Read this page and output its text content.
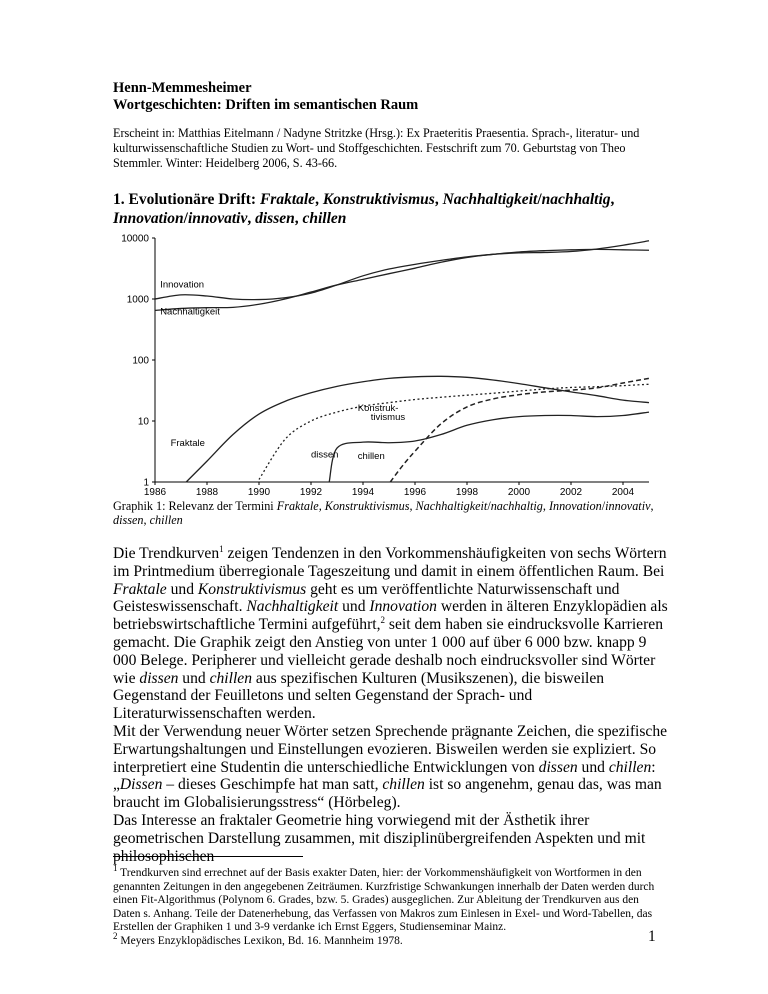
Henn-Memmesheimer
Wortgeschichten: Driften im semantischen Raum
Erscheint in: Matthias Eitelmann / Nadyne Stritzke (Hrsg.): Ex Praeteritis Praesentia. Sprach-, literatur- und kulturwissenschaftliche Studien zu Wort- und Stoffgeschichten. Festschrift zum 70. Geburtstag von Theo Stemmler. Winter: Heidelberg 2006, S. 43-66.
1. Evolutionäre Drift: Fraktale, Konstruktivismus, Nachhaltigkeit/nachhaltig, Innovation/innovativ, dissen, chillen
10000
1000
100
10
1
1986	1988	1990	1992	1994	1996	1998	2000	2002	2004
Innovation
Nachhaltigkeit
Konstruk-
tivismus
Fraktale
dissen chillen
Graphik 1: Relevanz der Termini Fraktale, Konstruktivismus, Nachhaltigkeit/nachhaltig, Innovation/innovativ, dissen, chillen

Die Trendkurven$^1$ zeigen Tendenzen in den Vorkommenshäufigkeiten von sechs Wörtern im Printmedium überregionale Tageszeitung und damit in einem öffentlichen Raum. Bei Fraktale und Konstruktivismus geht es um veröffentlichte Naturwissenschaft und Geisteswissenschaft. Nachhaltigkeit und Innovation werden in älteren Enzyklopädien als betriebswirtschaftliche Termini aufgeführt,$^2$ seit dem haben sie eindrucksvolle Karrieren gemacht. Die Graphik zeigt den Anstieg von unter 1 000 auf über 6 000 bzw. knapp 9 000 Belege. Peripherer und vielleicht gerade deshalb noch eindrucksvoller sind Wörter wie dissen und chillen aus spezifischen Kulturen (Musikszenen), die bisweilen Gegenstand der Feuilletons und selten Gegenstand der Sprach- und Literaturwissenschaften werden.

Mit der Verwendung neuer Wörter setzen Sprechende prägnante Zeichen, die spezifische Erwartungshaltungen und Einstellungen evozieren. Bisweilen werden sie expliziert. So interpretiert eine Studentin die unterschiedliche Entwicklungen von dissen und chillen: „Dissen – dieses Geschimpfe hat man satt, chillen ist so angenehm, genau das, was man braucht im Globalisierungsstress“ (Hörbeleg).

Das Interesse an fraktaler Geometrie hing vorwiegend mit der Ästhetik ihrer geometrischen Darstellung zusammen, mit disziplinübergreifenden Aspekten und mit philosophischen

$^1$ Trendkurven sind errechnet auf der Basis exakter Daten, hier: der Vorkommenshäufigkeit von Wortformen in den genannten Zeitungen in den angegebenen Zeiträumen. Kurzfristige Schwankungen innerhalb der Daten werden durch einen Fit-Algorithmus (Polynom 6. Grades, bzw. 5. Grades) ausgeglichen. Zur Ableitung der Trendkurven aus den Daten s. Anhang. Teile der Datenerhebung, das Verfassen von Makros zum Einlesen in Exel- und Word-Tabellen, das Erstellen der Graphiken 1 und 3-9 verdanke ich Ernst Eggers, Studienseminar Mainz.

$^2$ Meyers Enzyklopädisches Lexikon, Bd. 16. Mannheim 1978.	1
